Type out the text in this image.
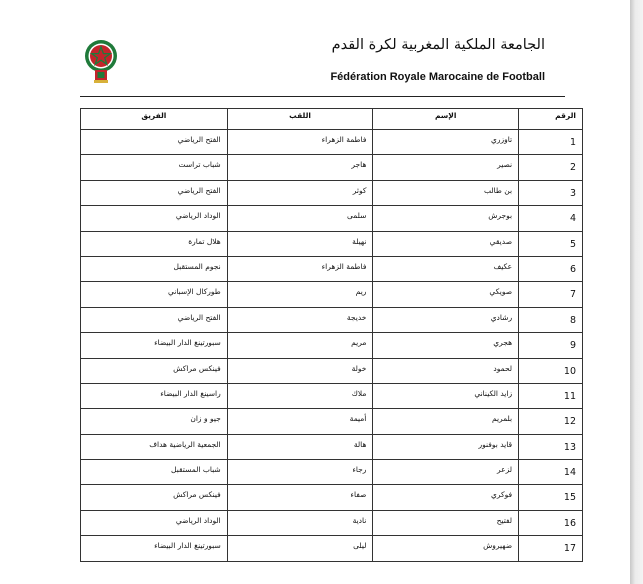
الجامعة الملكية المغربية لكرة القدم
Fédération Royale Marocaine de Football
الرقم	الإسم	اللقب	الفريق
1	تاوزري	فاطمة الزهراء	الفتح الرياضي
2	نصير	هاجر	شباب تراست
3	بن طالب	كوثر	الفتح الرياضي
4	بوجرش	سلمى	الوداد الرياضي
5	صديقي	نهيلة	هلال تمارة
6	عكيف	فاطمة الزهراء	نجوم المستقبل
7	صويكي	ريم	طوركال الإسباني
8	رشادي	خديجة	الفتح الرياضي
9	هجري	مريم	سبورتينغ الدار البيضاء
10	لحمود	خولة	فينكس مراكش
11	زايد الكيناني	ملاك	راسينغ الدار البيضاء
12	بلمريم	أميمة	جيو و زان
13	قايد بوفنور	هالة	الجمعية الرياضية هداف
14	لزعر	رجاء	شباب المستقبل
15	فوكري	صفاء	فينكس مراكش
16	لفتيح	نادية	الوداد الرياضي
17	ضهيروش	ليلى	سبورتينغ الدار البيضاء
